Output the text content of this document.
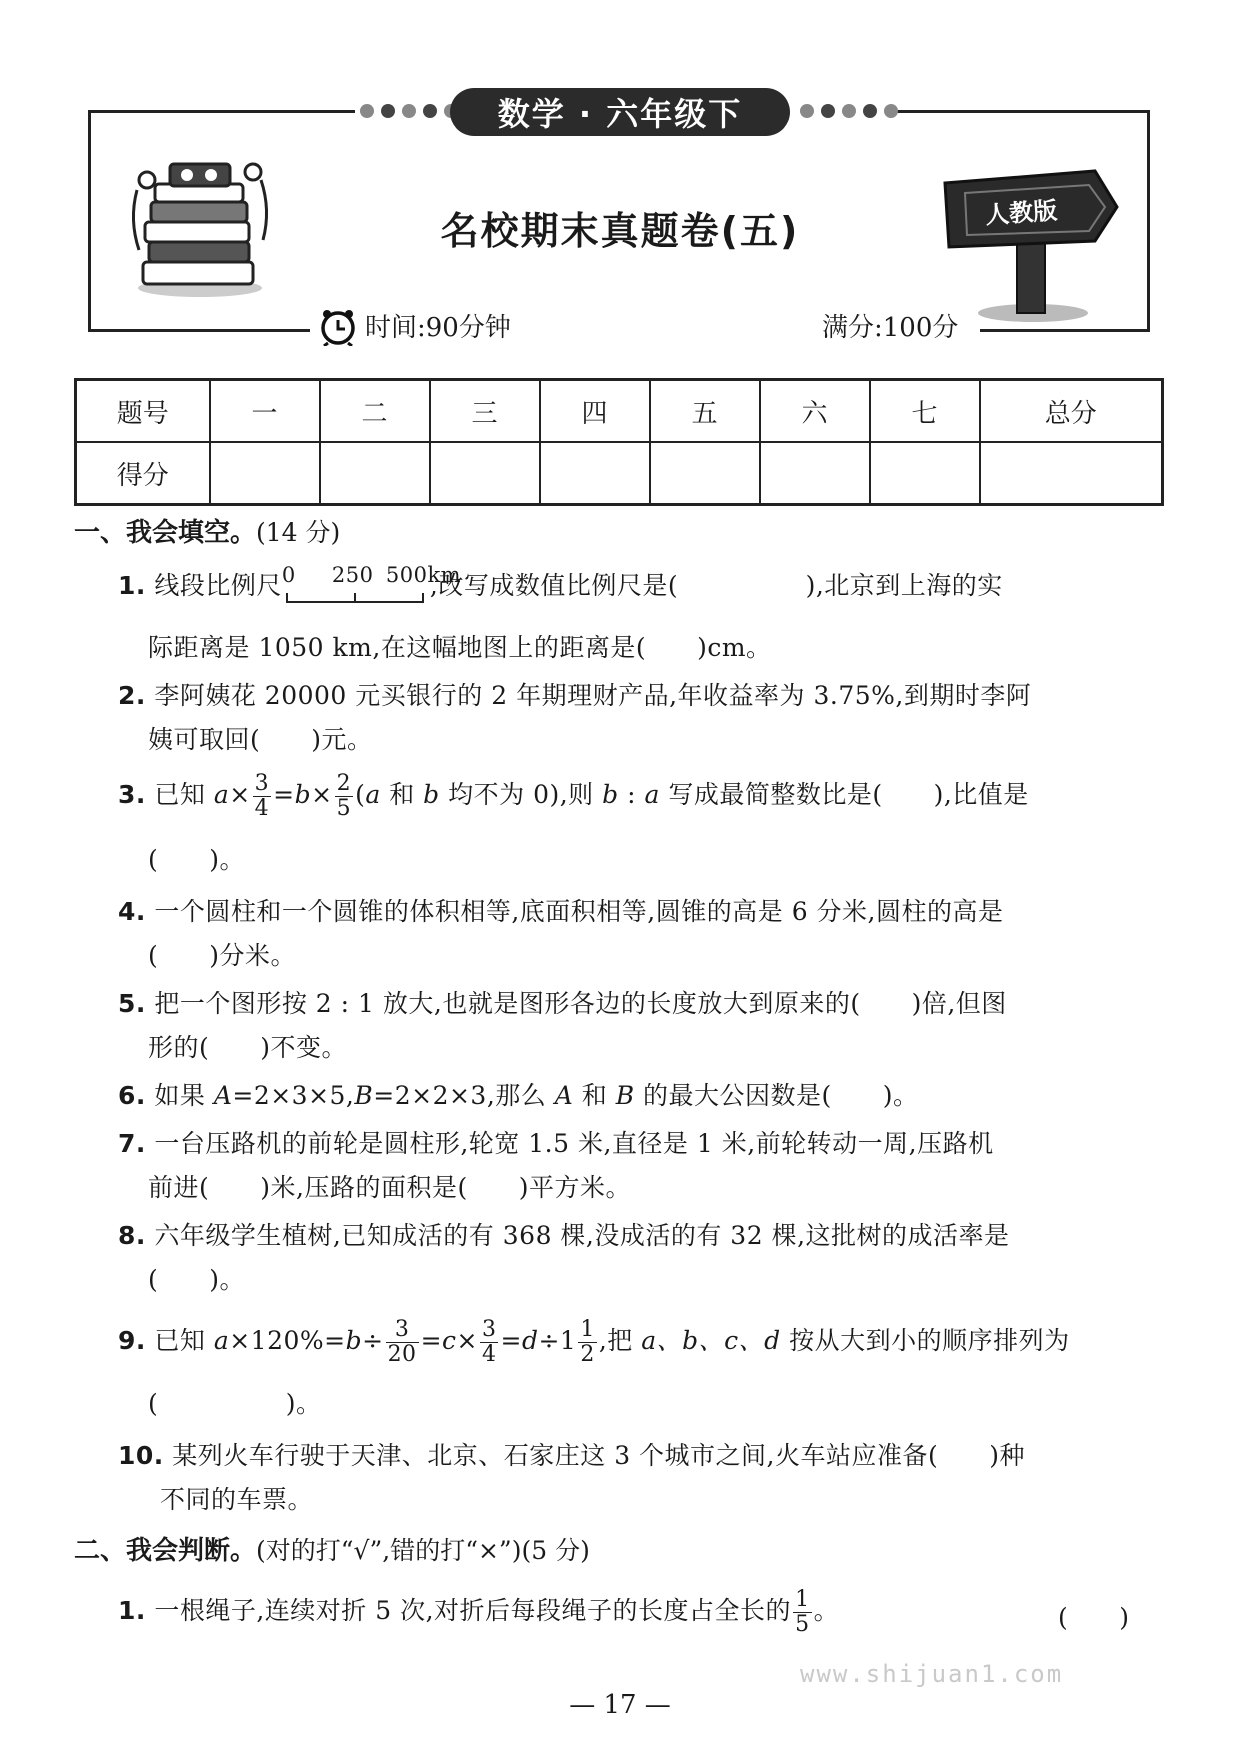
数学 · 六年级下
名校期末真题卷(五)	人教版
时间:90分钟	满分:100分
题号	一	二	三	四	五	六	七	总分
得分								
一、我会填空。(14 分)
1. 线段比例尺 0 250 500km
,改写成数值比例尺是(　　　　　),北京到上海的实
际距离是 1050 km,在这幅地图上的距离是(　　)cm。
2. 李阿姨花 20000 元买银行的 2 年期理财产品,年收益率为 3.75%,到期时李阿
姨可取回(　　)元。
3. 已知 $a\times \frac{3}{4} =b\times \frac{2}{5} (a$ 和 b 均不为 0),则 b : a 写成最简整数比是(　　),比值是
(　　)。
4. 一个圆柱和一个圆锥的体积相等,底面积相等,圆锥的高是 6 分米,圆柱的高是
(　　)分米。
5. 把一个图形按 2 : 1 放大,也就是图形各边的长度放大到原来的(　　)倍,但图
形的(　　)不变。
6. 如果 A=2×3×5,B=2×2×3,那么 A 和 B 的最大公因数是(　　)。
7. 一台压路机的前轮是圆柱形,轮宽 1.5 米,直径是 1 米,前轮转动一周,压路机
前进(　　)米,压路的面积是(　　)平方米。
8. 六年级学生植树,已知成活的有 368 棵,没成活的有 32 棵,这批树的成活率是
(　　)。
9. 已知 $a\times 120\%=b\div \frac{3}{20} =c\times \frac{3}{4} =d\div 1 \frac{1}{2}$ ,把 a、b、c、d 按从大到小的顺序排列为
(　　　　　)。
10. 某列火车行驶于天津、北京、石家庄这 3 个城市之间,火车站应准备(　　)种
不同的车票。
二、我会判断。(对的打“√”,错的打“×”)(5 分)
1. 一根绳子,连续对折 5 次,对折后每段绳子的长度占全长的 $\frac{1}{5}$ 。	(　　)
www.shijuan1.com
— 17 —
